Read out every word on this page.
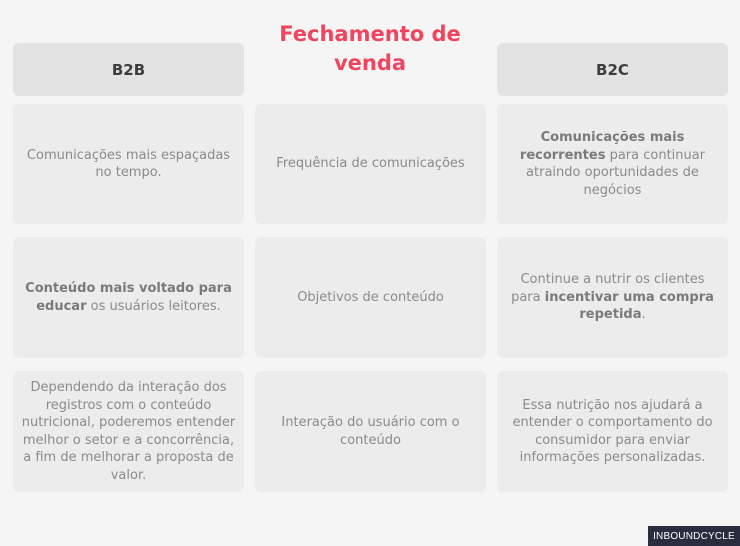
Fechamento de venda
B2B	B2C

Comunicações mais espaçadas no tempo.

Frequência de comunicações

Comunicações mais recorrentes para continuar atraindo oportunidades de negócios

Conteúdo mais voltado para educar os usuários leitores.

Objetivos de conteúdo

Continue a nutrir os clientes para incentivar uma compra repetida.

Dependendo da interação dos registros com o conteúdo nutricional, poderemos entender melhor o setor e a concorrência, a fim de melhorar a proposta de valor.

Interação do usuário com o conteúdo

Essa nutrição nos ajudará a entender o comportamento do consumidor para enviar informações personalizadas.

INBOUNDCYCLE
